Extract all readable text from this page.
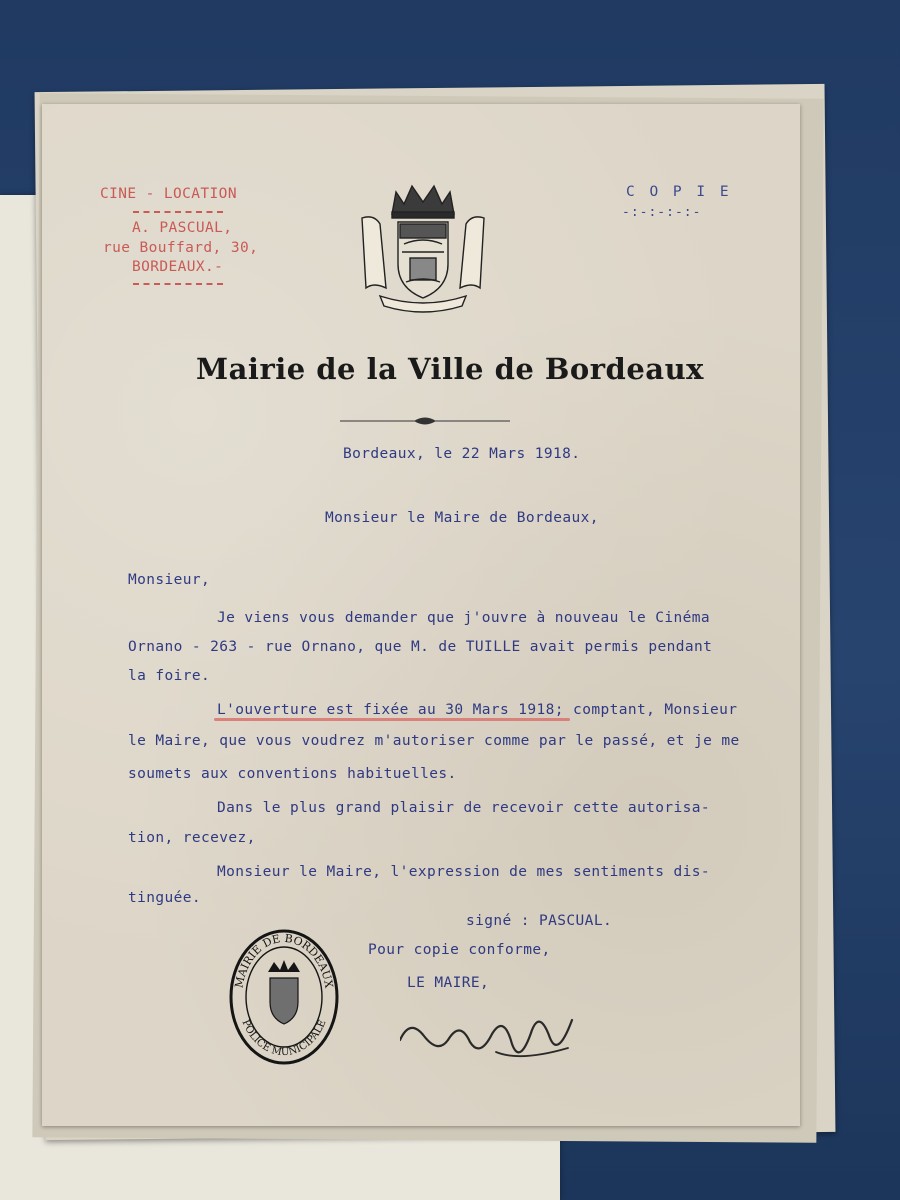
CINE - LOCATION

A. PASCUAL,

rue Bouffard, 30,

BORDEAUX.-

C O P I E

-:-:-:-:-

Mairie de la Ville de Bordeaux

Bordeaux, le 22 Mars 1918.

Monsieur le Maire de Bordeaux,

Monsieur,

Je viens vous demander que j'ouvre à nouveau le Cinéma

Ornano - 263 - rue Ornano, que M. de TUILLE avait permis pendant

la foire.

L'ouverture est fixée au 30 Mars 1918; comptant, Monsieur

le Maire, que vous voudrez m'autoriser comme par le passé, et je me

soumets aux conventions habituelles.

Dans le plus grand plaisir de recevoir cette autorisa-

tion, recevez,

Monsieur le Maire, l'expression de mes sentiments dis-

tinguée.

signé : PASCUAL.

Pour copie conforme,

LE MAIRE,

MAIRIE DE BORDEAUX
POLICE MUNICIPALE
